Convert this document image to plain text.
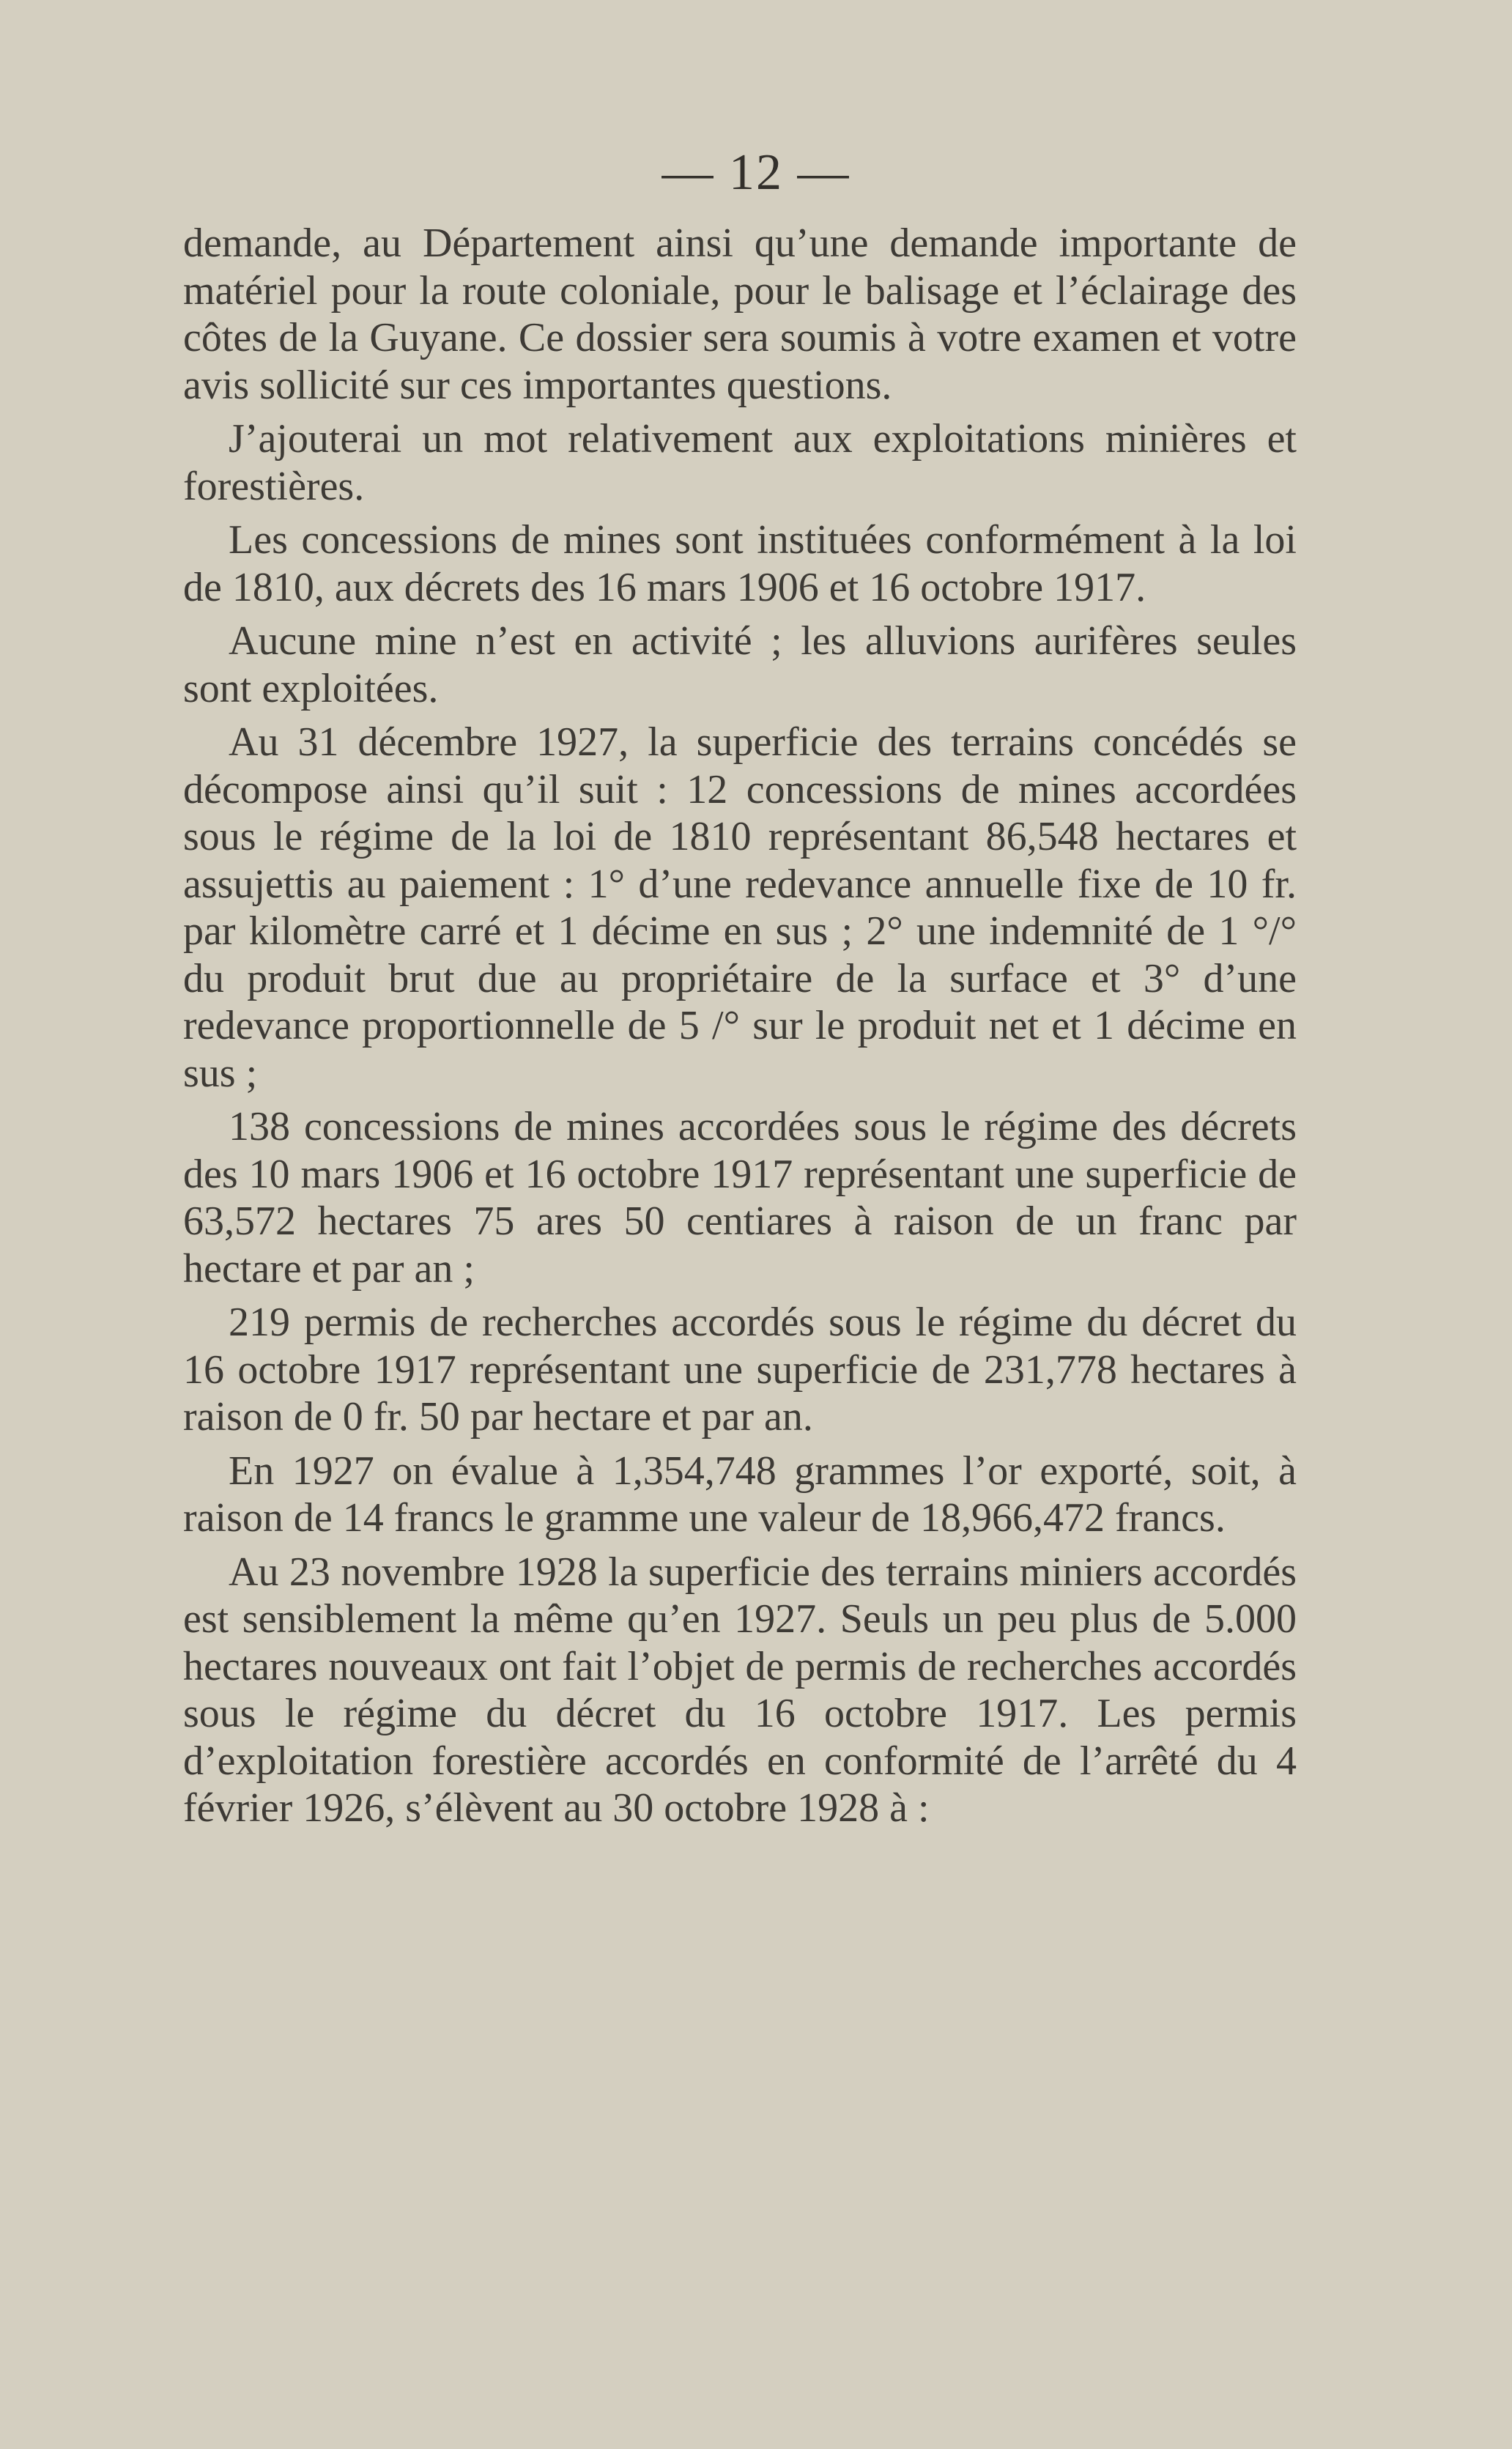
— 12 —

demande, au Département ainsi qu’une demande importante de matériel pour la route coloniale, pour le balisage et l’éclairage des côtes de la Guyane. Ce dossier sera soumis à votre examen et votre avis sollicité sur ces importantes questions.

J’ajouterai un mot relativement aux exploitations minières et forestières.

Les concessions de mines sont instituées conformément à la loi de 1810, aux décrets des 16 mars 1906 et 16 octobre 1917.

Aucune mine n’est en activité ; les alluvions aurifères seules sont exploitées.

Au 31 décembre 1927, la superficie des terrains concédés se décompose ainsi qu’il suit : 12 concessions de mines accordées sous le régime de la loi de 1810 représentant 86,548 hectares et assujettis au paiement : 1° d’une redevance annuelle fixe de 10 fr. par kilomètre carré et 1 décime en sus ; 2° une indemnité de 1 °/° du produit brut due au propriétaire de la surface et 3° d’une redevance proportionnelle de 5 /° sur le produit net et 1 décime en sus ;

138 concessions de mines accordées sous le régime des décrets des 10 mars 1906 et 16 octobre 1917 représentant une superficie de 63,572 hectares 75 ares 50 centiares à raison de un franc par hectare et par an ;

219 permis de recherches accordés sous le régime du décret du 16 octobre 1917 représentant une superficie de 231,778 hectares à raison de 0 fr. 50 par hectare et par an.

En 1927 on évalue à 1,354,748 grammes l’or exporté, soit, à raison de 14 francs le gramme une valeur de 18,966,472 francs.

Au 23 novembre 1928 la superficie des terrains miniers accordés est sensiblement la même qu’en 1927. Seuls un peu plus de 5.000 hectares nouveaux ont fait l’objet de permis de recherches accordés sous le régime du décret du 16 octobre 1917. Les permis d’exploitation forestière accordés en conformité de l’arrêté du 4 février 1926, s’élèvent au 30 octobre 1928 à :
